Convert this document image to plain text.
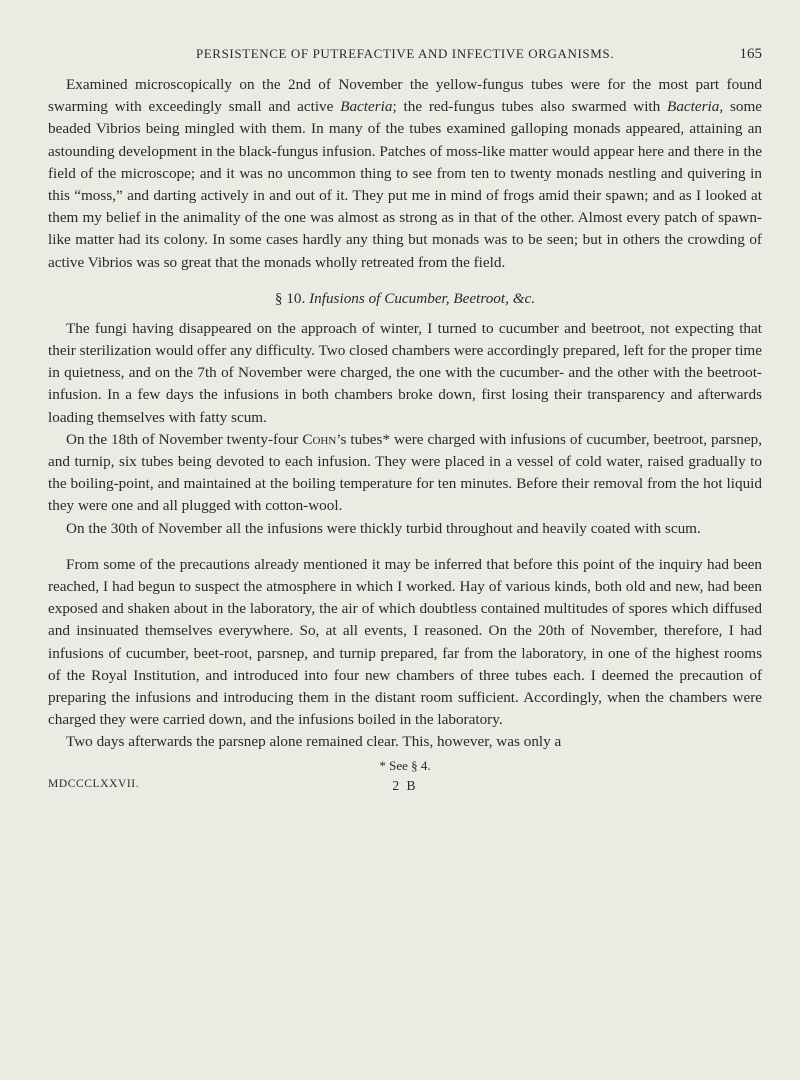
PERSISTENCE OF PUTREFACTIVE AND INFECTIVE ORGANISMS.	165

Examined microscopically on the 2nd of November the yellow-fungus tubes were for the most part found swarming with exceedingly small and active Bacteria; the red-fungus tubes also swarmed with Bacteria, some beaded Vibrios being mingled with them. In many of the tubes examined galloping monads appeared, attaining an astounding development in the black-fungus infusion. Patches of moss-like matter would appear here and there in the field of the microscope; and it was no uncommon thing to see from ten to twenty monads nestling and quivering in this “moss,” and darting actively in and out of it. They put me in mind of frogs amid their spawn; and as I looked at them my belief in the animality of the one was almost as strong as in that of the other. Almost every patch of spawn-like matter had its colony. In some cases hardly any thing but monads was to be seen; but in others the crowding of active Vibrios was so great that the monads wholly retreated from the field.

§ 10. Infusions of Cucumber, Beetroot, &c.

The fungi having disappeared on the approach of winter, I turned to cucumber and beetroot, not expecting that their sterilization would offer any difficulty. Two closed chambers were accordingly prepared, left for the proper time in quietness, and on the 7th of November were charged, the one with the cucumber- and the other with the beetroot-infusion. In a few days the infusions in both chambers broke down, first losing their transparency and afterwards loading themselves with fatty scum.

On the 18th of November twenty-four Cohn’s tubes* were charged with infusions of cucumber, beetroot, parsnep, and turnip, six tubes being devoted to each infusion. They were placed in a vessel of cold water, raised gradually to the boiling-point, and maintained at the boiling temperature for ten minutes. Before their removal from the hot liquid they were one and all plugged with cotton-wool.

On the 30th of November all the infusions were thickly turbid throughout and heavily coated with scum.

From some of the precautions already mentioned it may be inferred that before this point of the inquiry had been reached, I had begun to suspect the atmosphere in which I worked. Hay of various kinds, both old and new, had been exposed and shaken about in the laboratory, the air of which doubtless contained multitudes of spores which diffused and insinuated themselves everywhere. So, at all events, I reasoned. On the 20th of November, therefore, I had infusions of cucumber, beet-root, parsnep, and turnip prepared, far from the laboratory, in one of the highest rooms of the Royal Institution, and introduced into four new chambers of three tubes each. I deemed the precaution of preparing the infusions and introducing them in the distant room sufficient. Accordingly, when the chambers were charged they were carried down, and the infusions boiled in the laboratory.

Two days afterwards the parsnep alone remained clear. This, however, was only a

* See § 4.
MDCCCLXXVII.	2 B
